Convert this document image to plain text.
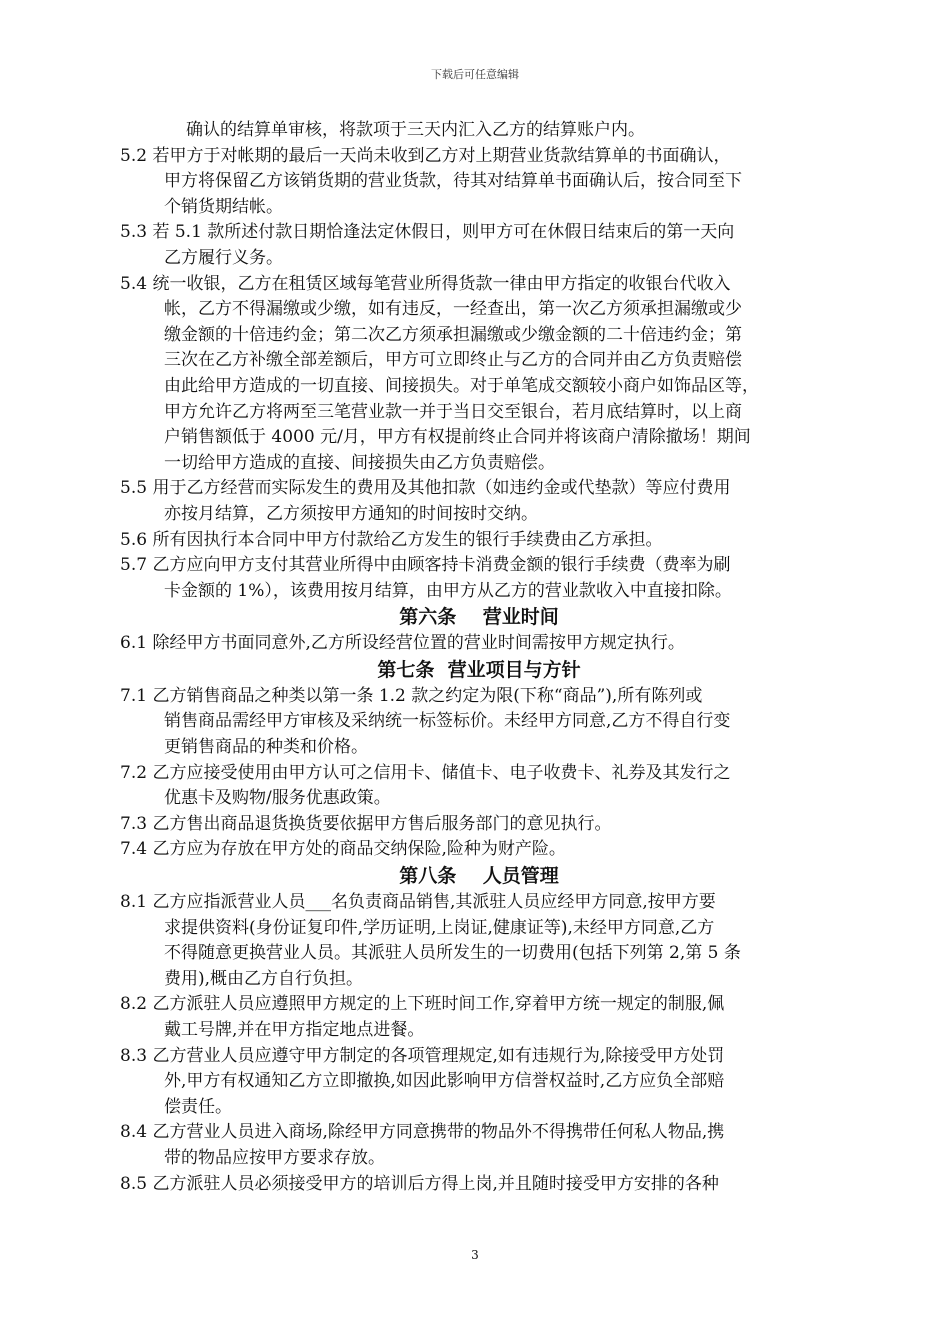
下载后可任意编辑
确认的结算单审核，将款项于三天内汇入乙方的结算账户内。
5.2 若甲方于对帐期的最后一天尚未收到乙方对上期营业货款结算单的书面确认，
甲方将保留乙方该销货期的营业货款，待其对结算单书面确认后，按合同至下
个销货期结帐。
5.3 若 5.1 款所述付款日期恰逢法定休假日，则甲方可在休假日结束后的第一天向
乙方履行义务。
5.4 统一收银，乙方在租赁区域每笔营业所得货款一律由甲方指定的收银台代收入
帐，乙方不得漏缴或少缴，如有违反，一经查出，第一次乙方须承担漏缴或少
缴金额的十倍违约金；第二次乙方须承担漏缴或少缴金额的二十倍违约金；第
三次在乙方补缴全部差额后，甲方可立即终止与乙方的合同并由乙方负责赔偿
由此给甲方造成的一切直接、间接损失。对于单笔成交额较小商户如饰品区等，
甲方允许乙方将两至三笔营业款一并于当日交至银台，若月底结算时，以上商
户销售额低于 4000 元/月，甲方有权提前终止合同并将该商户清除撤场！期间
一切给甲方造成的直接、间接损失由乙方负责赔偿。
5.5 用于乙方经营而实际发生的费用及其他扣款（如违约金或代垫款）等应付费用
亦按月结算，乙方须按甲方通知的时间按时交纳。
5.6 所有因执行本合同中甲方付款给乙方发生的银行手续费由乙方承担。
5.7 乙方应向甲方支付其营业所得中由顾客持卡消费金额的银行手续费（费率为刷
卡金额的 1%），该费用按月结算，由甲方从乙方的营业款收入中直接扣除。
第六条    营业时间
6.1 除经甲方书面同意外,乙方所设经营位置的营业时间需按甲方规定执行。
第七条  营业项目与方针
7.1 乙方销售商品之种类以第一条 1.2 款之约定为限(下称“商品”),所有陈列或
销售商品需经甲方审核及采纳统一标签标价。未经甲方同意,乙方不得自行变
更销售商品的种类和价格。
7.2 乙方应接受使用由甲方认可之信用卡、储值卡、电子收费卡、礼券及其发行之
优惠卡及购物/服务优惠政策。
7.3 乙方售出商品退货换货要依据甲方售后服务部门的意见执行。
7.4 乙方应为存放在甲方处的商品交纳保险,险种为财产险。
第八条    人员管理
8.1 乙方应指派营业人员___名负责商品销售,其派驻人员应经甲方同意,按甲方要
求提供资料(身份证复印件,学历证明,上岗证,健康证等),未经甲方同意,乙方
不得随意更换营业人员。其派驻人员所发生的一切费用(包括下列第 2,第 5 条
费用),概由乙方自行负担。
8.2 乙方派驻人员应遵照甲方规定的上下班时间工作,穿着甲方统一规定的制服,佩
戴工号牌,并在甲方指定地点进餐。
8.3 乙方营业人员应遵守甲方制定的各项管理规定,如有违规行为,除接受甲方处罚
外,甲方有权通知乙方立即撤换,如因此影响甲方信誉权益时,乙方应负全部赔
偿责任。
8.4 乙方营业人员进入商场,除经甲方同意携带的物品外不得携带任何私人物品,携
带的物品应按甲方要求存放。
8.5 乙方派驻人员必须接受甲方的培训后方得上岗,并且随时接受甲方安排的各种
3
